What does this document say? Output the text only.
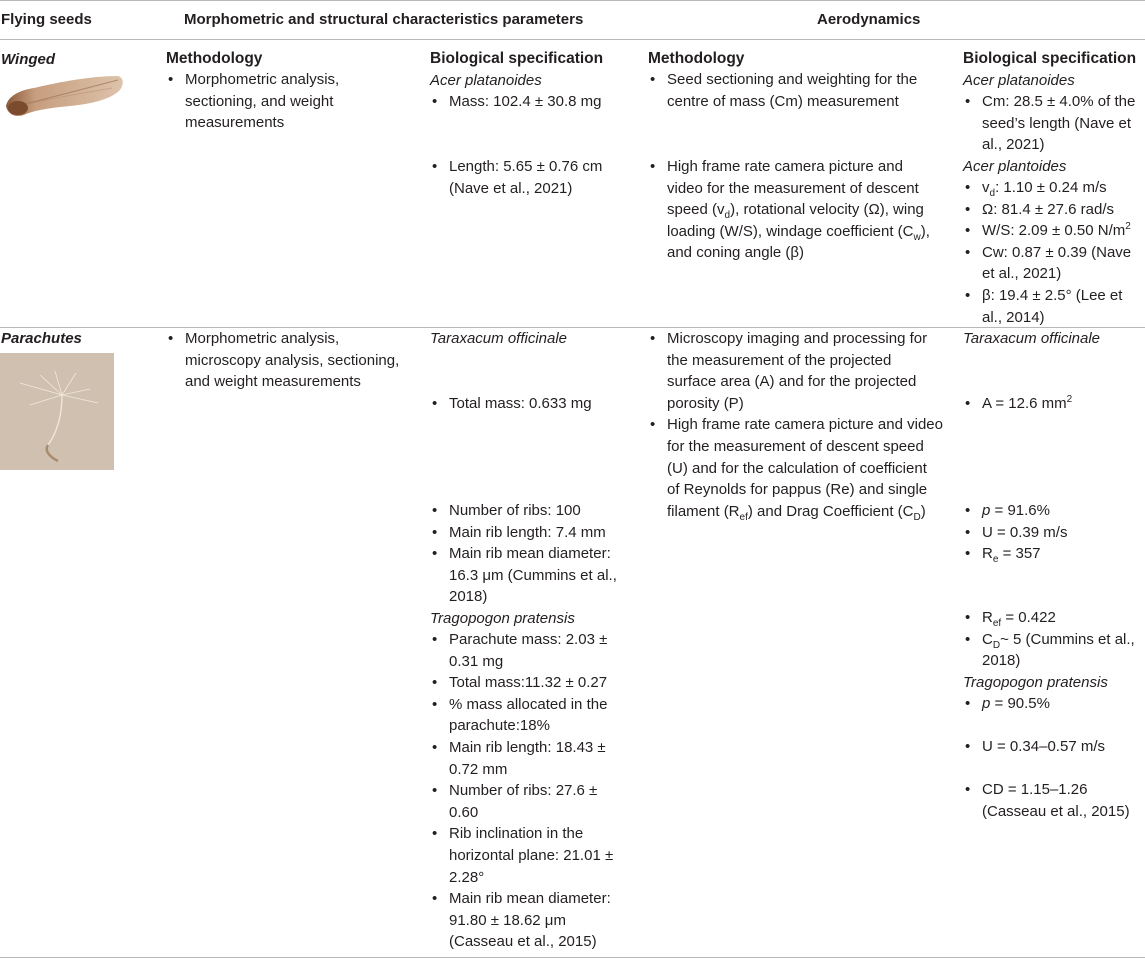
Flying seeds	Morphometric and structural characteristics parameters	Aerodynamics
Winged	Methodology
• Morphometric analysis, sectioning, and weight measurements
Biological specification
Acer platanoides
• Mass: 102.4 ± 30.8 mg
• Length: 5.65 ± 0.76 cm (Nave et al., 2021)
Methodology
• Seed sectioning and weighting for the centre of mass (Cm) measurement
• High frame rate camera picture and video for the measurement of descent speed $(v_d)$, rotational velocity (Ω), wing loading (W/S), windage coefficient $(C_w)$, and coning angle (β)
Biological specification
Acer platanoides
• Cm: 28.5 ± 4.0% of the seed’s length (Nave et al., 2021)
Acer plantoides
• $v_d$: 1.10 ± 0.24 m/s
• Ω: 81.4 ± 27.6 rad/s
• W/S: 2.09 ± 0.50 $N/m^2$
• Cw: 0.87 ± 0.39 (Nave et al., 2021)
• β: 19.4 ± 2.5° (Lee et al., 2014)
Parachutes
•	Morphometric analysis, microscopy analysis, sectioning, and weight measurements
Taraxacum officinale
• Total mass: 0.633 mg
• Number of ribs: 100
• Main rib length: 7.4 mm
• Main rib mean diameter: 16.3 μm (Cummins et al., 2018)
Tragopogon pratensis
• Parachute mass: 2.03 ± 0.31 mg
• Total mass:11.32 ± 0.27
• % mass allocated in the parachute:18%
• Main rib length: 18.43 ± 0.72 mm
• Number of ribs: 27.6 ± 0.60
• Rib inclination in the horizontal plane: 21.01 ± 2.28°
• Main rib mean diameter: 91.80 ± 18.62 μm (Casseau et al., 2015)
• Microscopy imaging and processing for the measurement of the projected surface area (A) and for the projected porosity (P)
• High frame rate camera picture and video for the measurement of descent speed (U) and for the calculation of coefficient of Reynolds for pappus (Re) and single filament $(R_{ef})$ and Drag Coefficient $(C_D)$
Taraxacum officinale
• A = 12.6 $mm^2$
• p = 91.6%
• U = 0.39 m/s
• $R_e = 357$
• $R_{ef} = 0.422$
• $C_D\sim$ 5 (Cummins et al., 2018)
Tragopogon pratensis
• p = 90.5%
• U = 0.34–0.57 m/s
• CD = 1.15–1.26 (Casseau et al., 2015)
